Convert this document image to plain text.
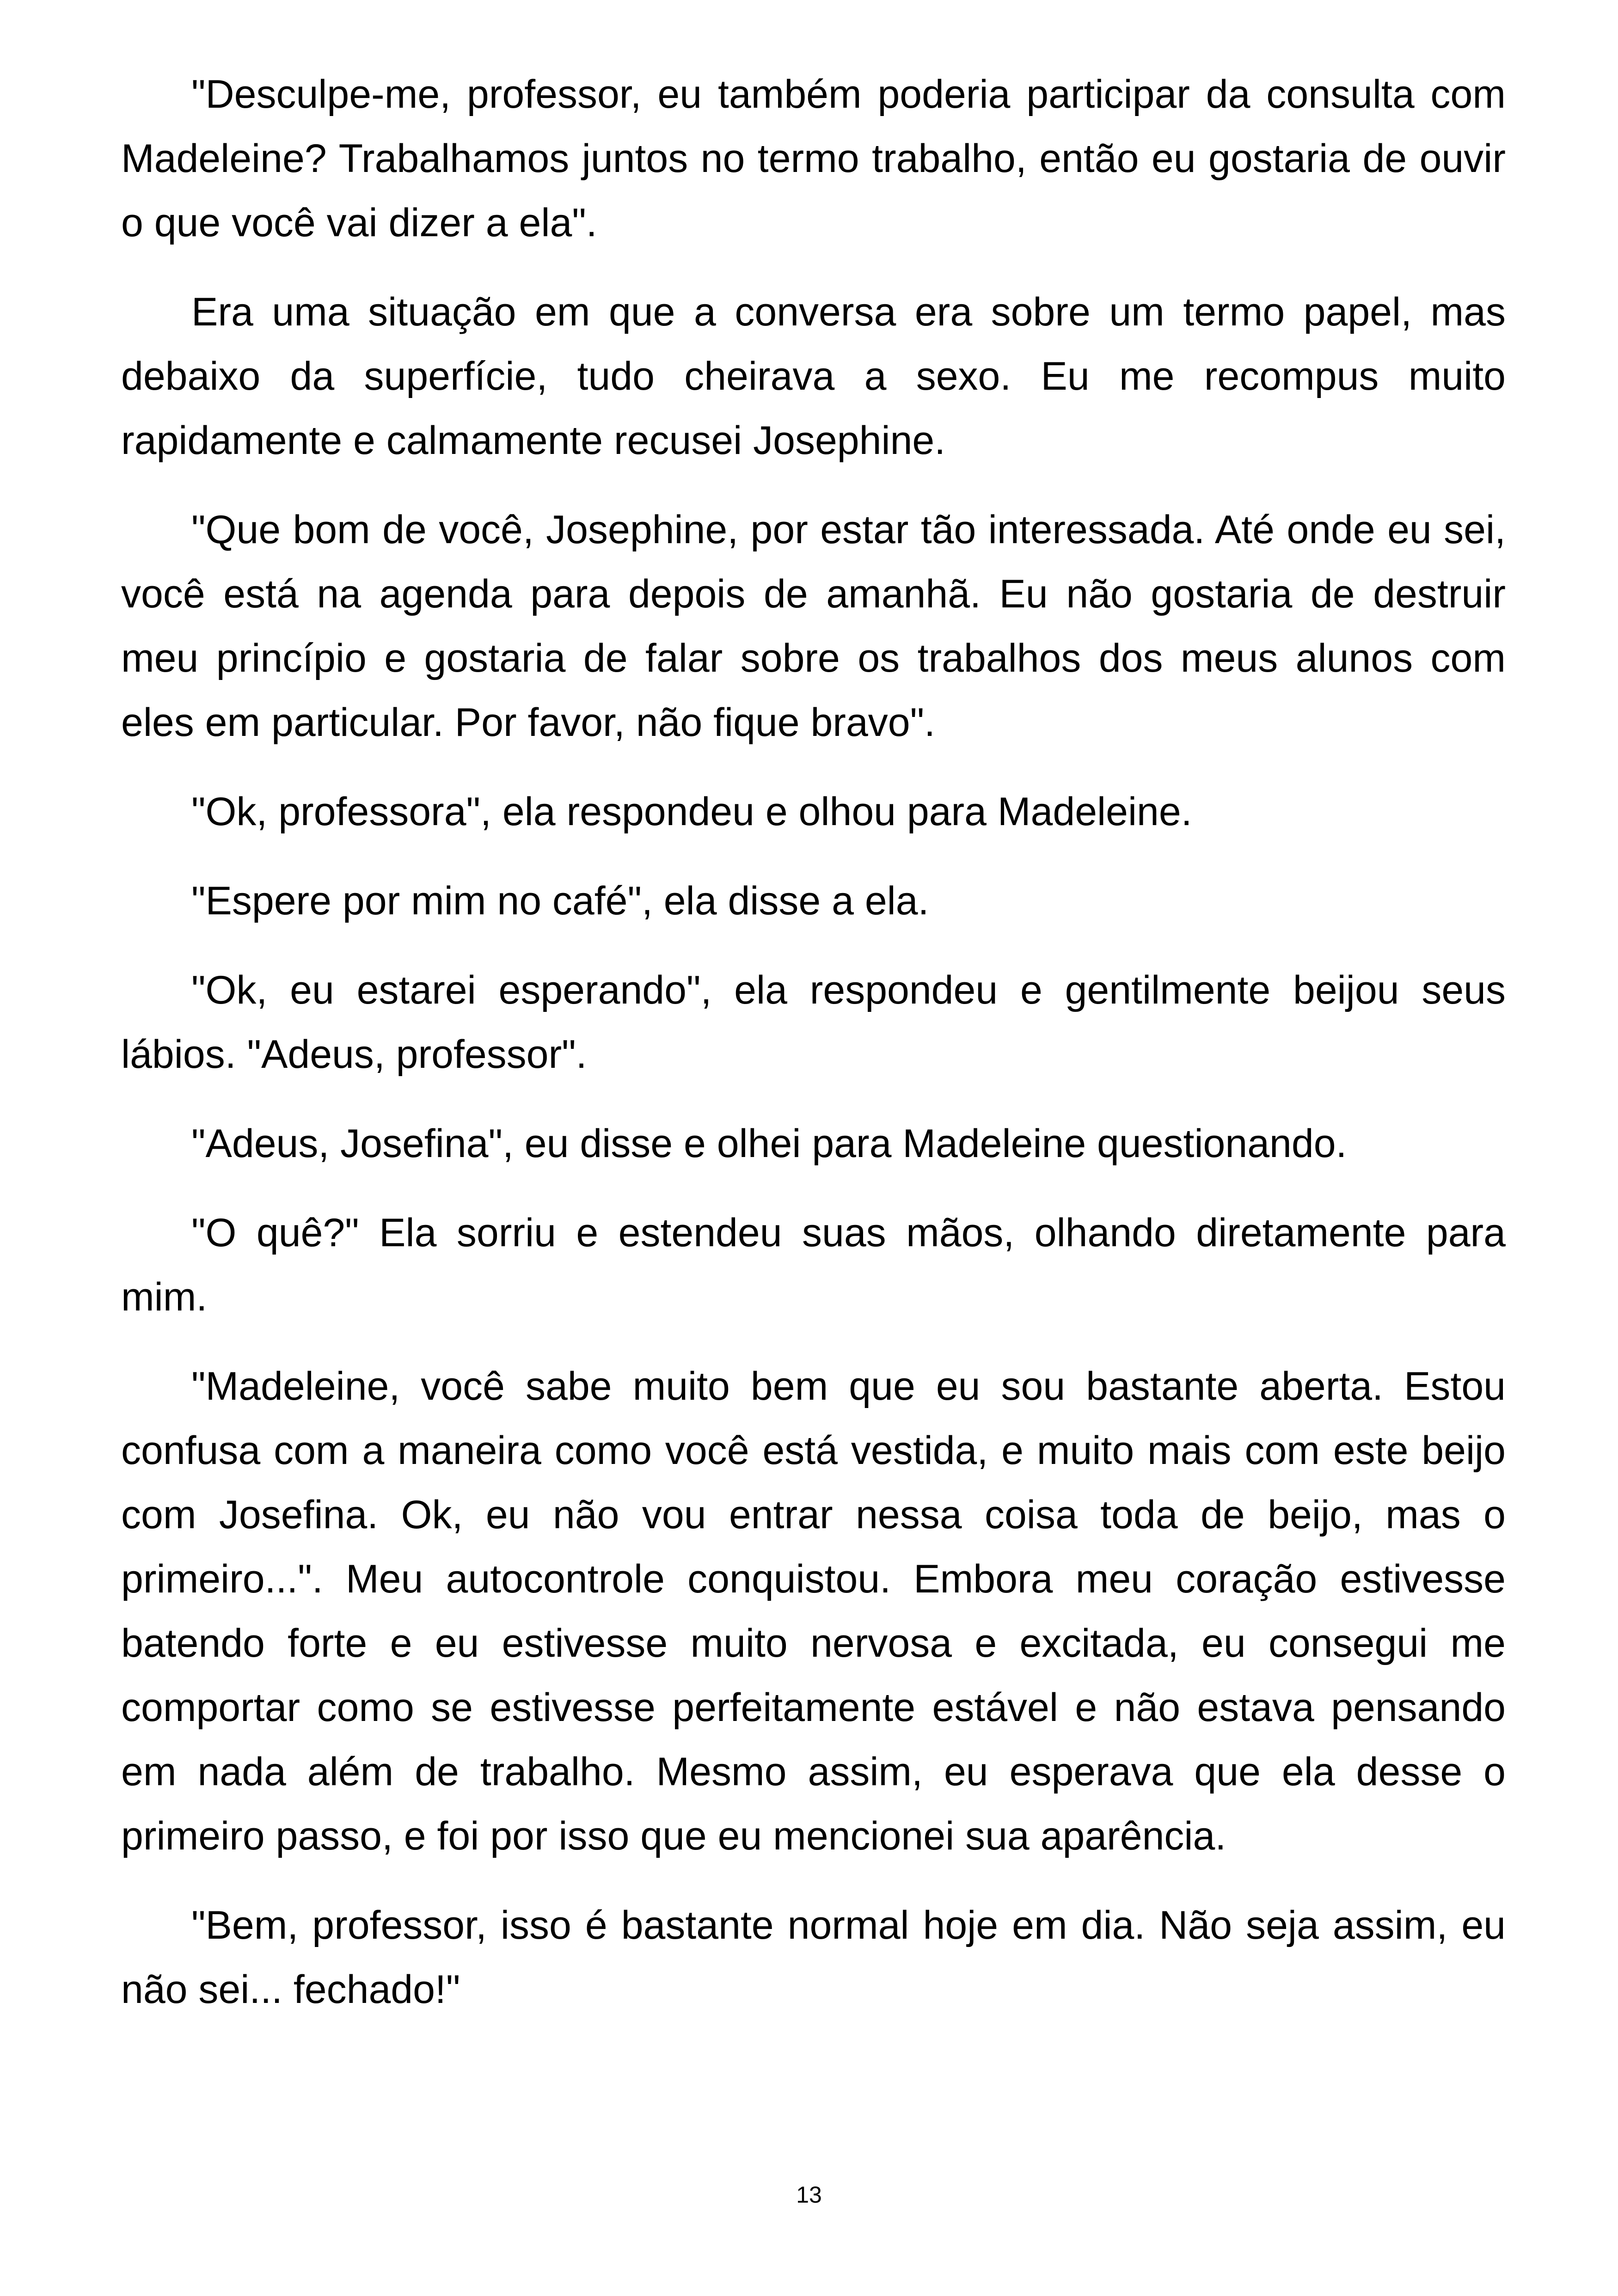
"Desculpe-me, professor, eu também poderia participar da consulta com Madeleine? Trabalhamos juntos no termo trabalho, então eu gostaria de ouvir o que você vai dizer a ela".

Era uma situação em que a conversa era sobre um termo papel, mas debaixo da superfície, tudo cheirava a sexo. Eu me recompus muito rapidamente e calmamente recusei Josephine.

"Que bom de você, Josephine, por estar tão interessada. Até onde eu sei, você está na agenda para depois de amanhã. Eu não gostaria de destruir meu princípio e gostaria de falar sobre os trabalhos dos meus alunos com eles em particular. Por favor, não fique bravo".

"Ok, professora", ela respondeu e olhou para Madeleine.

"Espere por mim no café", ela disse a ela.

"Ok, eu estarei esperando", ela respondeu e gentilmente beijou seus lábios. "Adeus, professor".

"Adeus, Josefina", eu disse e olhei para Madeleine questionando.

"O quê?" Ela sorriu e estendeu suas mãos, olhando diretamente para mim.

"Madeleine, você sabe muito bem que eu sou bastante aberta. Estou confusa com a maneira como você está vestida, e muito mais com este beijo com Josefina. Ok, eu não vou entrar nessa coisa toda de beijo, mas o primeiro...". Meu autocontrole conquistou. Embora meu coração estivesse batendo forte e eu estivesse muito nervosa e excitada, eu consegui me comportar como se estivesse perfeitamente estável e não estava pensando em nada além de trabalho. Mesmo assim, eu esperava que ela desse o primeiro passo, e foi por isso que eu mencionei sua aparência.

"Bem, professor, isso é bastante normal hoje em dia. Não seja assim, eu não sei... fechado!"

13
